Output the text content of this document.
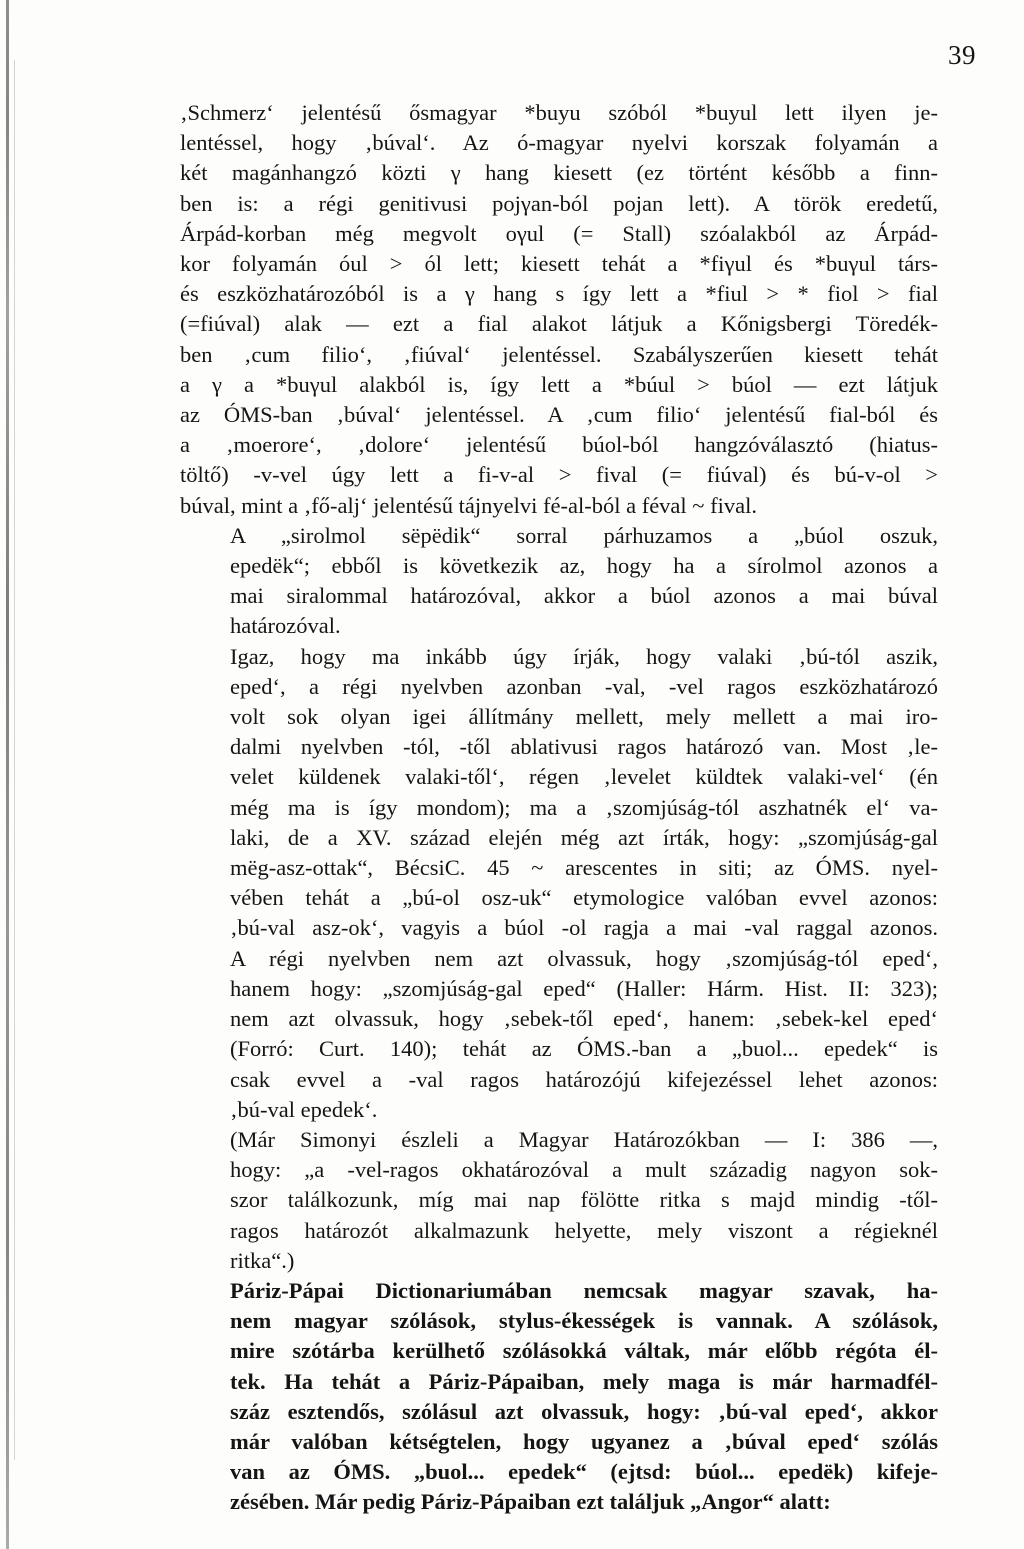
39

‚Schmerz‘ jelentésű ősmagyar *buyu szóból *buyul lett ilyen je-
lentéssel, hogy ‚búval‘. Az ó-magyar nyelvi korszak folyamán a
két magánhangzó közti γ hang kiesett (ez történt később a finn-
ben is: a régi genitivusi pojγan-ból pojan lett). A török eredetű,
Árpád-korban még megvolt oγul (= Stall) szóalakból az Árpád-
kor folyamán óul > ól lett; kiesett tehát a *fiγul és *buγul társ-
és eszközhatározóból is a γ hang s így lett a *fiul > * fiol > fial
(=fiúval) alak — ezt a fial alakot látjuk a Kőnigsbergi Töredék-
ben ‚cum filio‘, ‚fiúval‘ jelentéssel. Szabályszerűen kiesett tehát
a γ a *buγul alakból is, így lett a *búul > búol — ezt látjuk
az ÓMS-ban ‚búval‘ jelentéssel. A ‚cum filio‘ jelentésű fial-ból és
a ‚moerore‘, ‚dolore‘ jelentésű búol-ból hangzóválasztó (hiatus-
töltő) -v-vel úgy lett a fi-v-al > fival (= fiúval) és bú-v-ol >
búval, mint a ‚fő-alj‘ jelentésű tájnyelvi fé-al-ból a féval ~ fival.

A „sirolmol sëpëdik“ sorral párhuzamos a „búol oszuk,
epedëk“; ebből is következik az, hogy ha a sírolmol azonos a
mai siralommal határozóval, akkor a búol azonos a mai búval
határozóval.

Igaz, hogy ma inkább úgy írják, hogy valaki ‚bú-tól aszik,
eped‘, a régi nyelvben azonban -val, -vel ragos eszközhatározó
volt sok olyan igei állítmány mellett, mely mellett a mai iro-
dalmi nyelvben -tól, -től ablativusi ragos határozó van. Most ‚le-
velet küldenek valaki-től‘, régen ‚levelet küldtek valaki-vel‘ (én
még ma is így mondom); ma a ‚szomjúság-tól aszhatnék el‘ va-
laki, de a XV. század elején még azt írták, hogy: „szomjúság-gal
mëg-asz-ottak“, BécsiC. 45 ~ arescentes in siti; az ÓMS. nyel-
vében tehát a „bú-ol osz-uk“ etymologice valóban evvel azonos:
‚bú-val asz-ok‘, vagyis a búol -ol ragja a mai -val raggal azonos.
A régi nyelvben nem azt olvassuk, hogy ‚szomjúság-tól eped‘,
hanem hogy: „szomjúság-gal eped“ (Haller: Hárm. Hist. II: 323);
nem azt olvassuk, hogy ‚sebek-től eped‘, hanem: ‚sebek-kel eped‘
(Forró: Curt. 140); tehát az ÓMS.-ban a „buol... epedek“ is
csak evvel a -val ragos határozójú kifejezéssel lehet azonos:
‚bú-val epedek‘.

(Már Simonyi észleli a Magyar Határozókban — I: 386 —,
hogy: „a -vel-ragos okhatározóval a mult századig nagyon sok-
szor találkozunk, míg mai nap fölötte ritka s majd mindig -től-
ragos határozót alkalmazunk helyette, mely viszont a régieknél
ritka“.)

Páriz-Pápai Dictionariumában nemcsak magyar szavak, ha-
nem magyar szólások, stylus-ékességek is vannak. A szólások,
mire szótárba kerülhető szólásokká váltak, már előbb régóta él-
tek. Ha tehát a Páriz-Pápaiban, mely maga is már harmadfél-
száz esztendős, szólásul azt olvassuk, hogy: ‚bú-val eped‘, akkor
már valóban kétségtelen, hogy ugyanez a ‚búval eped‘ szólás
van az ÓMS. „buol... epedek“ (ejtsd: búol... epedëk) kifeje-
zésében. Már pedig Páriz-Pápaiban ezt találjuk „Angor“ alatt:
